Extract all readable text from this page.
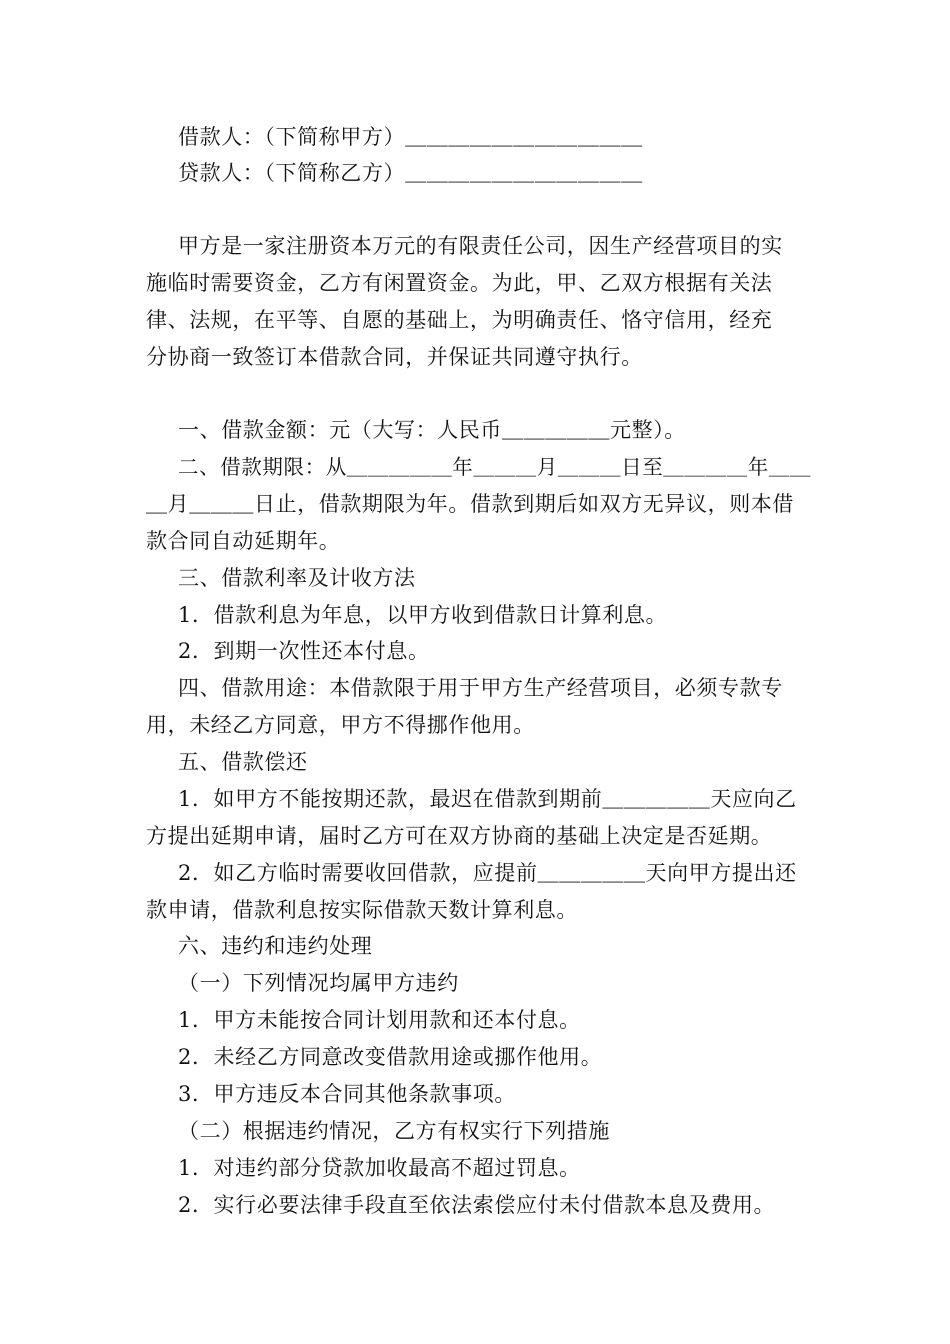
借款人：（下简称甲方）＿＿＿＿＿＿＿＿＿＿＿
贷款人：（下简称乙方）＿＿＿＿＿＿＿＿＿＿＿
甲方是一家注册资本万元的有限责任公司，因生产经营项目的实
施临时需要资金，乙方有闲置资金。为此，甲、乙双方根据有关法
律、法规，在平等、自愿的基础上，为明确责任、恪守信用，经充
分协商一致签订本借款合同，并保证共同遵守执行。
一、借款金额：元（大写：人民币＿＿＿＿＿元整）。
二、借款期限：从＿＿＿＿＿年＿＿＿月＿＿＿日至＿＿＿＿年＿＿
＿月＿＿＿日止，借款期限为年。借款到期后如双方无异议，则本借
款合同自动延期年。
三、借款利率及计收方法
1．借款利息为年息，以甲方收到借款日计算利息。
2．到期一次性还本付息。
四、借款用途：本借款限于用于甲方生产经营项目，必须专款专
用，未经乙方同意，甲方不得挪作他用。
五、借款偿还
1．如甲方不能按期还款，最迟在借款到期前＿＿＿＿＿天应向乙
方提出延期申请，届时乙方可在双方协商的基础上决定是否延期。
2．如乙方临时需要收回借款，应提前＿＿＿＿＿天向甲方提出还
款申请，借款利息按实际借款天数计算利息。
六、违约和违约处理
（一）下列情况均属甲方违约
1．甲方未能按合同计划用款和还本付息。
2．未经乙方同意改变借款用途或挪作他用。
3．甲方违反本合同其他条款事项。
（二）根据违约情况，乙方有权实行下列措施
1．对违约部分贷款加收最高不超过罚息。
2．实行必要法律手段直至依法索偿应付未付借款本息及费用。
